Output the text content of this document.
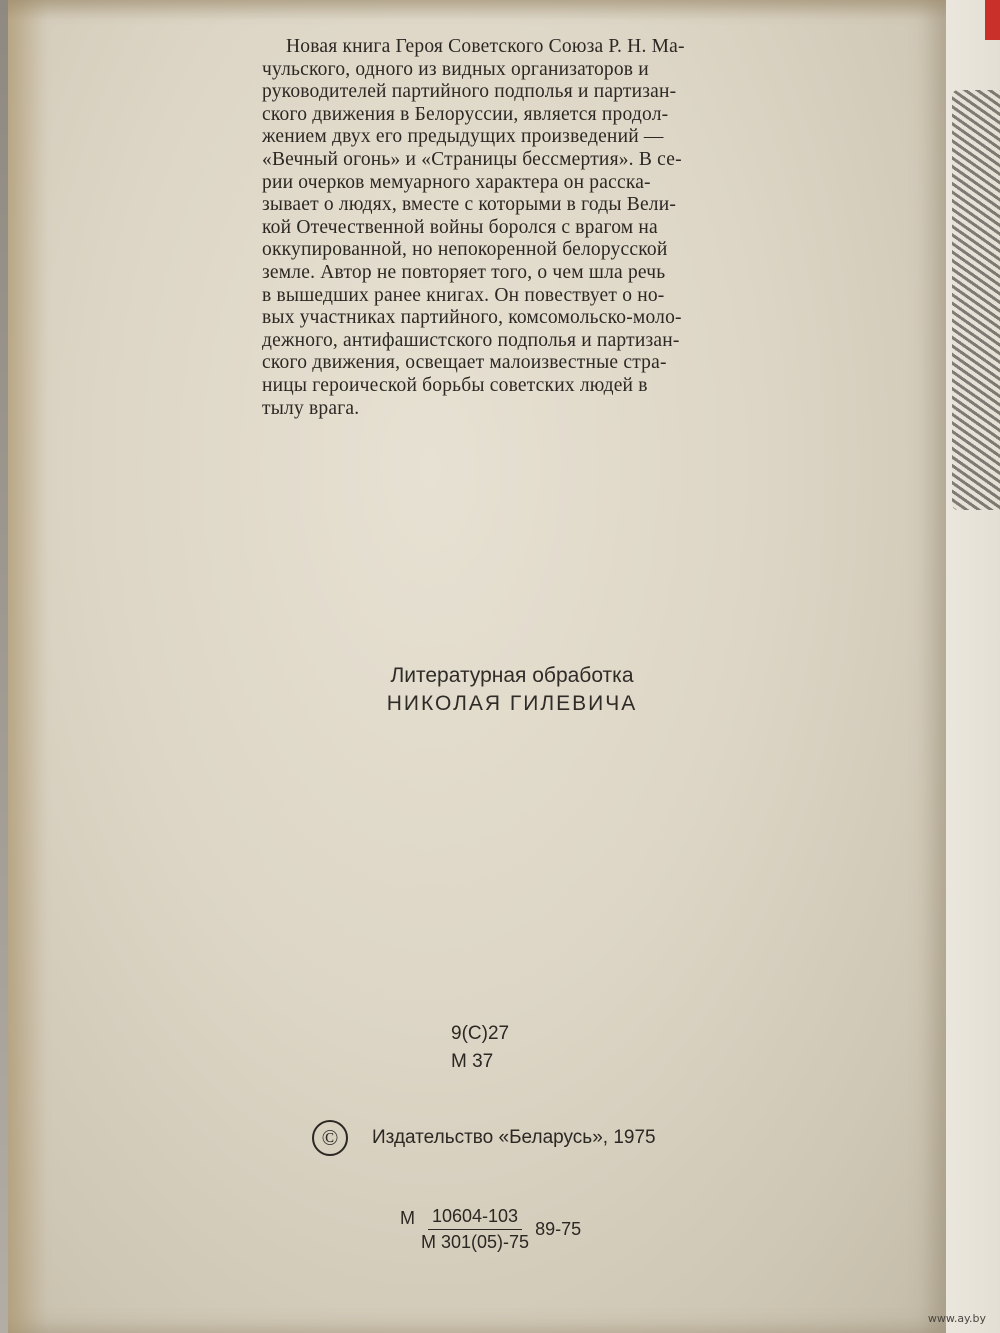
Новая книга Героя Советского Союза Р. Н. Ма-

чульского, одного из видных организаторов и

руководителей партийного подполья и партизан-

ского движения в Белоруссии, является продол-

жением двух его предыдущих произведений —

«Вечный огонь» и «Страницы бессмертия». В се-

рии очерков мемуарного характера он расска-

зывает о людях, вместе с которыми в годы Вели-

кой Отечественной войны боролся с врагом на

оккупированной, но непокоренной белорусской

земле. Автор не повторяет того, о чем шла речь

в вышедших ранее книгах. Он повествует о но-

вых участниках партийного, комсомольско-моло-

дежного, антифашистского подполья и партизан-

ского движения, освещает малоизвестные стра-

ницы героической борьбы советских людей в

тылу врага.

Литературная обработка
НИКОЛАЯ ГИЛЕВИЧА
9(С)27
М 37
©	Издательство «Беларусь», 1975
М $\frac{10604-103}{М 301(05)-75} 89-75$
www.ay.by
